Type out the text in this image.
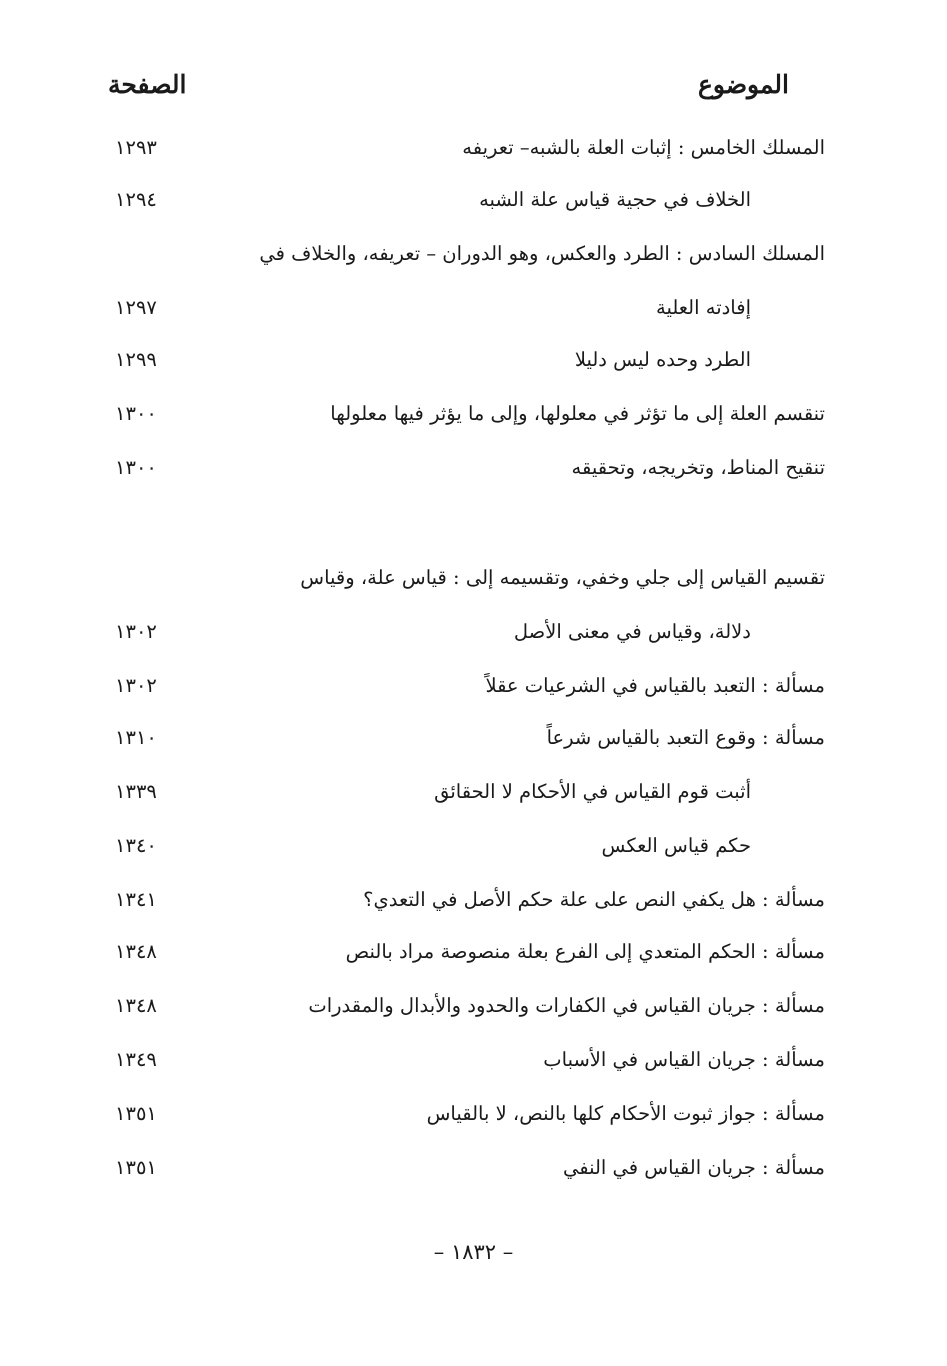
الموضوع
الصفحة
المسلك الخامس : إثبات العلة بالشبه– تعريفه
١٢٩٣
الخلاف في حجية قياس علة الشبه
١٢٩٤
المسلك السادس : الطرد والعكس، وهو الدوران – تعريفه، والخلاف في
إفادته العلية
١٢٩٧
الطرد وحده ليس دليلا
١٢٩٩
تنقسم العلة إلى ما تؤثر في معلولها، وإلى ما يؤثر فيها معلولها
١٣٠٠
تنقيح المناط، وتخريجه، وتحقيقه
١٣٠٠
تقسيم القياس إلى جلي وخفي، وتقسيمه إلى : قياس علة، وقياس
دلالة، وقياس في معنى الأصل
١٣٠٢
مسألة : التعبد بالقياس في الشرعيات عقلاً
١٣٠٢
مسألة : وقوع التعبد بالقياس شرعاً
١٣١٠
أثبت قوم القياس في الأحكام لا الحقائق
١٣٣٩
حكم قياس العكس
١٣٤٠
مسألة : هل يكفي النص على علة حكم الأصل في التعدي؟
١٣٤١
مسألة : الحكم المتعدي إلى الفرع بعلة منصوصة مراد بالنص
١٣٤٨
مسألة : جريان القياس في الكفارات والحدود والأبدال والمقدرات
١٣٤٨
مسألة : جريان القياس في الأسباب
١٣٤٩
مسألة : جواز ثبوت الأحكام كلها بالنص، لا بالقياس
١٣٥١
مسألة : جريان القياس في النفي
١٣٥١
– ١٨٣٢ –
